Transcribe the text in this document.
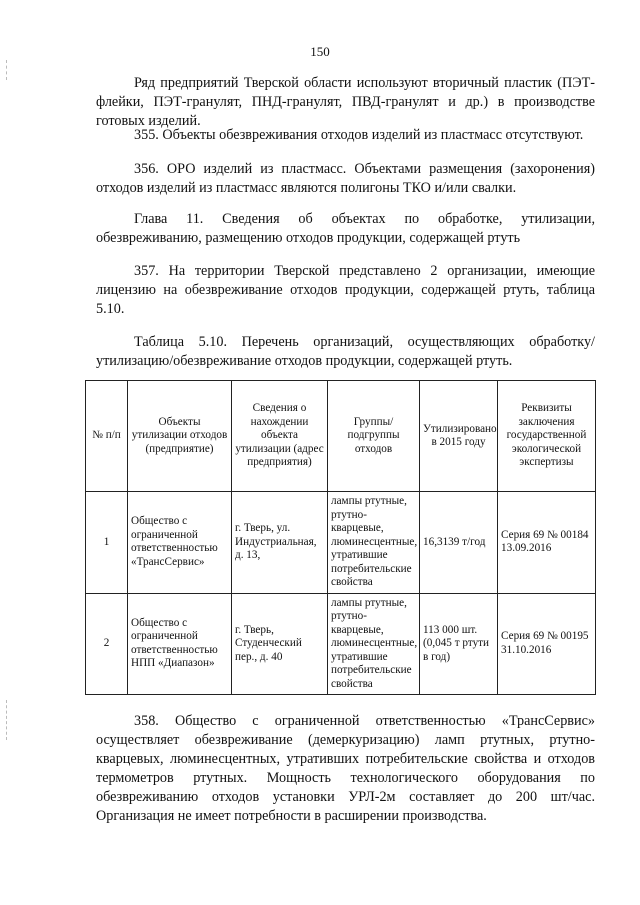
150

Ряд предприятий Тверской области используют вторичный пластик (ПЭТ-флейки, ПЭТ-гранулят, ПНД-гранулят, ПВД-гранулят и др.) в производстве готовых изделий.

355. Объекты обезвреживания отходов изделий из пластмасс отсутствуют.

356. ОРО изделий из пластмасс. Объектами размещения (захоронения) отходов изделий из пластмасс являются полигоны ТКО и/или свалки.

Глава 11. Сведения об объектах по обработке, утилизации, обезвреживанию, размещению отходов продукции, содержащей ртуть

357. На территории Тверской представлено 2 организации, имеющие лицензию на обезвреживание отходов продукции, содержащей ртуть, таблица 5.10.

Таблица 5.10. Перечень организаций, осуществляющих обработку/утилизацию/обезвреживание отходов продукции, содержащей ртуть.

№ п/п	Объекты утилизации отходов (предприятие)	Сведения о нахождении объекта утилизации (адрес предприятия)	Группы/подгруппы отходов	Утилизировано в 2015 году	Реквизиты заключения государственной экологической экспертизы
1	Общество с ограниченной ответственностью «ТрансСервис»	г. Тверь, ул. Индустриальная, д. 13,	лампы ртутные, ртутно-кварцевые, люминесцентные, утратившие потребительские свойства	16,3139 т/год	Серия 69 № 00184 13.09.2016
2	Общество с ограниченной ответственностью НПП «Диапазон»	г. Тверь, Студенческий пер., д. 40	лампы ртутные, ртутно-кварцевые, люминесцентные, утратившие потребительские свойства	113 000 шт. (0,045 т ртути в год)	Серия 69 № 00195 31.10.2016

358. Общество с ограниченной ответственностью «ТрансСервис» осуществляет обезвреживание (демеркуризацию) ламп ртутных, ртутно-кварцевых, люминесцентных, утративших потребительские свойства и отходов термометров ртутных. Мощность технологического оборудования по обезвреживанию отходов установки УРЛ-2м составляет до 200 шт/час. Организация не имеет потребности в расширении производства.
